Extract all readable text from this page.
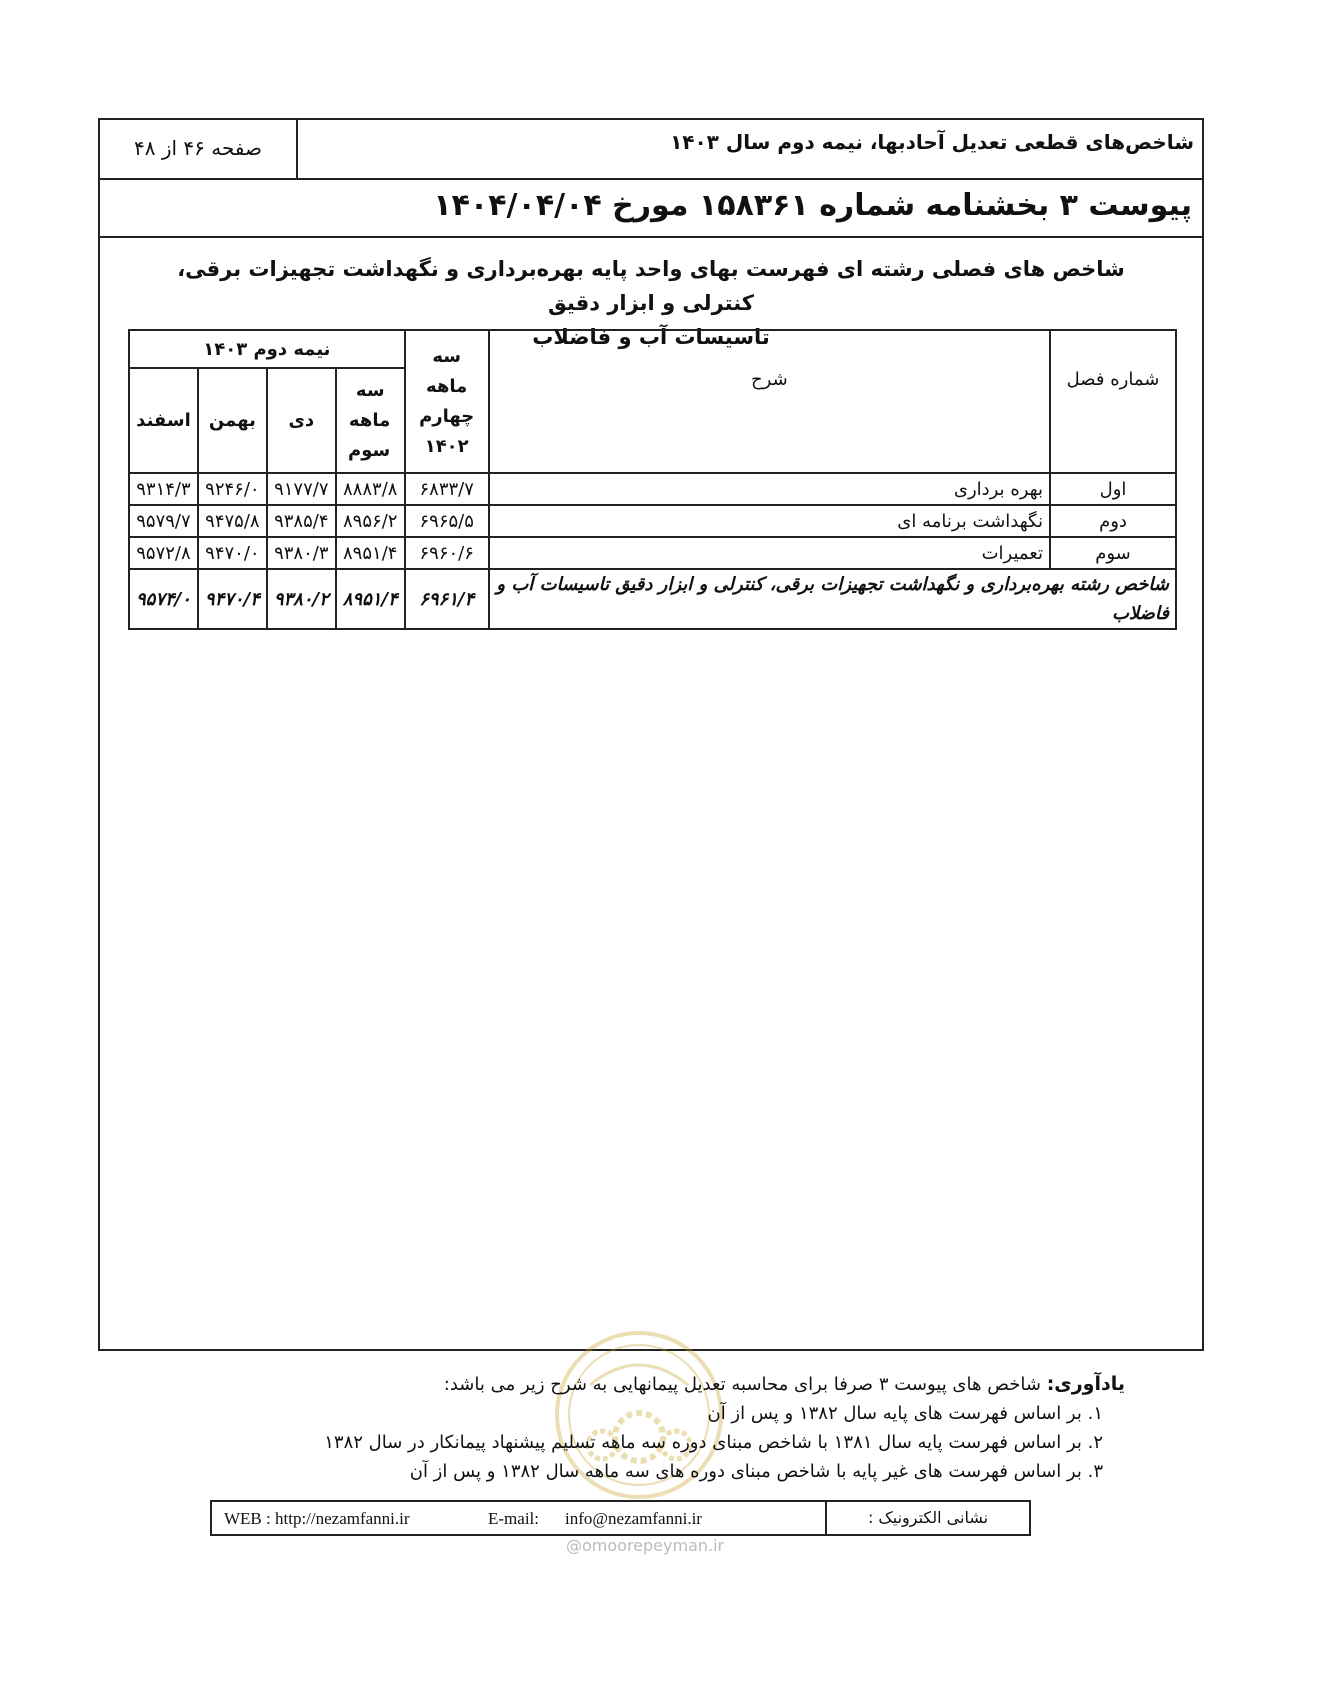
شاخص‌های قطعی تعدیل آحادبها، نیمه دوم سال ۱۴۰۳
صفحه ۴۶ از ۴۸
پیوست ۳ بخشنامه شماره ۱۵۸۳۶۱ مورخ ۱۴۰۴/۰۴/۰۴
شاخص های فصلی رشته ای فهرست بهای واحد پایه بهره‌برداری و نگهداشت تجهیزات برقی، کنترلی و ابزار دقیق
تاسیسات آب و فاضلاب
شماره فصل	شرح	سه ماهه چهارم ۱۴۰۲	نیمه دوم ۱۴۰۳			

			سه ماهه سوم	دی	بهمن	اسفند
اول	بهره برداری	۶۸۳۳/۷	۸۸۸۳/۸	۹۱۷۷/۷	۹۲۴۶/۰	۹۳۱۴/۳
دوم	نگهداشت برنامه ای	۶۹۶۵/۵	۸۹۵۶/۲	۹۳۸۵/۴	۹۴۷۵/۸	۹۵۷۹/۷
سوم	تعمیرات	۶۹۶۰/۶	۸۹۵۱/۴	۹۳۸۰/۳	۹۴۷۰/۰	۹۵۷۲/۸
شاخص رشته بهره‌برداری و نگهداشت تجهیزات برقی، کنترلی و ابزار دقیق تاسیسات آب و فاضلاب		۶۹۶۱/۴	۸۹۵۱/۴	۹۳۸۰/۲	۹۴۷۰/۴	۹۵۷۴/۰
@omoorepeyman.ir
یادآوری: شاخص های پیوست ۳ صرفا برای محاسبه تعدیل پیمانهایی به شرح زیر می باشد:
۱. بر اساس فهرست های پایه سال ۱۳۸۲ و پس از آن
۲. بر اساس فهرست پایه سال ۱۳۸۱ با شاخص مبنای دوره سه ماهه تسلیم پیشنهاد پیمانکار در سال ۱۳۸۲
۳. بر اساس فهرست های غیر پایه با شاخص مبنای دوره های سه ماهه سال ۱۳۸۲ و پس از آن
WEB : http://nezamfanni.ir	E-mail: info@nezamfanni.ir	نشانی الکترونیک :
